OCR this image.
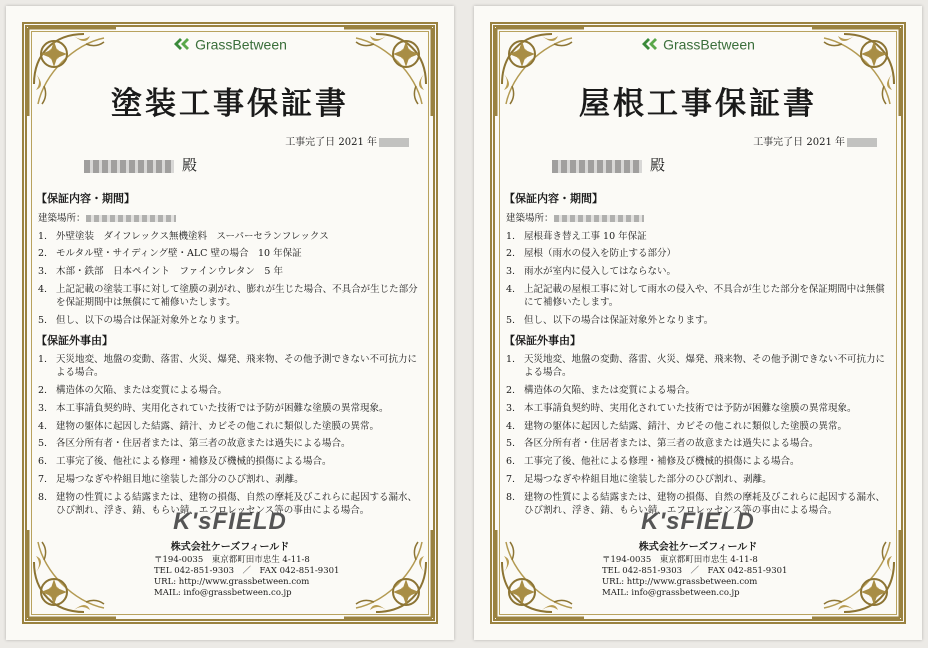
GrassBetween
塗装工事保証書
工事完了日 2021 年
殿
【保証内容・期間】
建築場所：
1. 外壁塗装　ダイフレックス無機塗料　スーパーセランフレックス
2. モルタル壁・サイディング壁・ALC 壁の場合　10 年保証
3. 木部・鉄部　日本ペイント　ファインウレタン　5 年
4. 上記記載の塗装工事に対して塗膜の剥がれ、膨れが生じた場合、不具合が生じた部分を保証期間中は無償にて補修いたします。
5. 但し、以下の場合は保証対象外となります。
【保証外事由】
1. 天災地変、地盤の変動、落雷、火災、爆発、飛来物、その他予測できない不可抗力による場合。
2. 構造体の欠陥、または変質による場合。
3. 本工事請負契約時、実用化されていた技術では予防が困難な塗膜の異常現象。
4. 建物の躯体に起因した結露、錆汁、カビその他これに類似した塗膜の異常。
5. 各区分所有者・住居者または、第三者の故意または過失による場合。
6. 工事完了後、他社による修理・補修及び機械的損傷による場合。
7. 足場つなぎや枠組目地に塗装した部分のひび割れ、剥離。
8. 建物の性質による結露または、建物の損傷、自然の摩耗及びこれらに起因する漏水、ひび割れ、浮き、錆、もらい錆、エフロレッセンス等の事由による場合。
K'sFIELD
株式会社ケーズフィールド
〒194-0035　東京都町田市忠生 4-11-8
TEL 042-851-9303　／　FAX 042-851-9301
URL: http://www.grassbetween.com
MAIL: info@grassbetween.co.jp
GrassBetween
屋根工事保証書
工事完了日 2021 年
殿
【保証内容・期間】
建築場所：
1. 屋根葺き替え工事 10 年保証
2. 屋根（雨水の侵入を防止する部分）
3. 雨水が室内に侵入してはならない。
4. 上記記載の屋根工事に対して雨水の侵入や、不具合が生じた部分を保証期間中は無償にて補修いたします。
5. 但し、以下の場合は保証対象外となります。
【保証外事由】
1. 天災地変、地盤の変動、落雷、火災、爆発、飛来物、その他予測できない不可抗力による場合。
2. 構造体の欠陥、または変質による場合。
3. 本工事請負契約時、実用化されていた技術では予防が困難な塗膜の異常現象。
4. 建物の躯体に起因した結露、錆汁、カビその他これに類似した塗膜の異常。
5. 各区分所有者・住居者または、第三者の故意または過失による場合。
6. 工事完了後、他社による修理・補修及び機械的損傷による場合。
7. 足場つなぎや枠組目地に塗装した部分のひび割れ、剥離。
8. 建物の性質による結露または、建物の損傷、自然の摩耗及びこれらに起因する漏水、ひび割れ、浮き、錆、もらい錆、エフロレッセンス等の事由による場合。
K'sFIELD
株式会社ケーズフィールド
〒194-0035　東京都町田市忠生 4-11-8
TEL 042-851-9303　／　FAX 042-851-9301
URL: http://www.grassbetween.com
MAIL: info@grassbetween.co.jp
